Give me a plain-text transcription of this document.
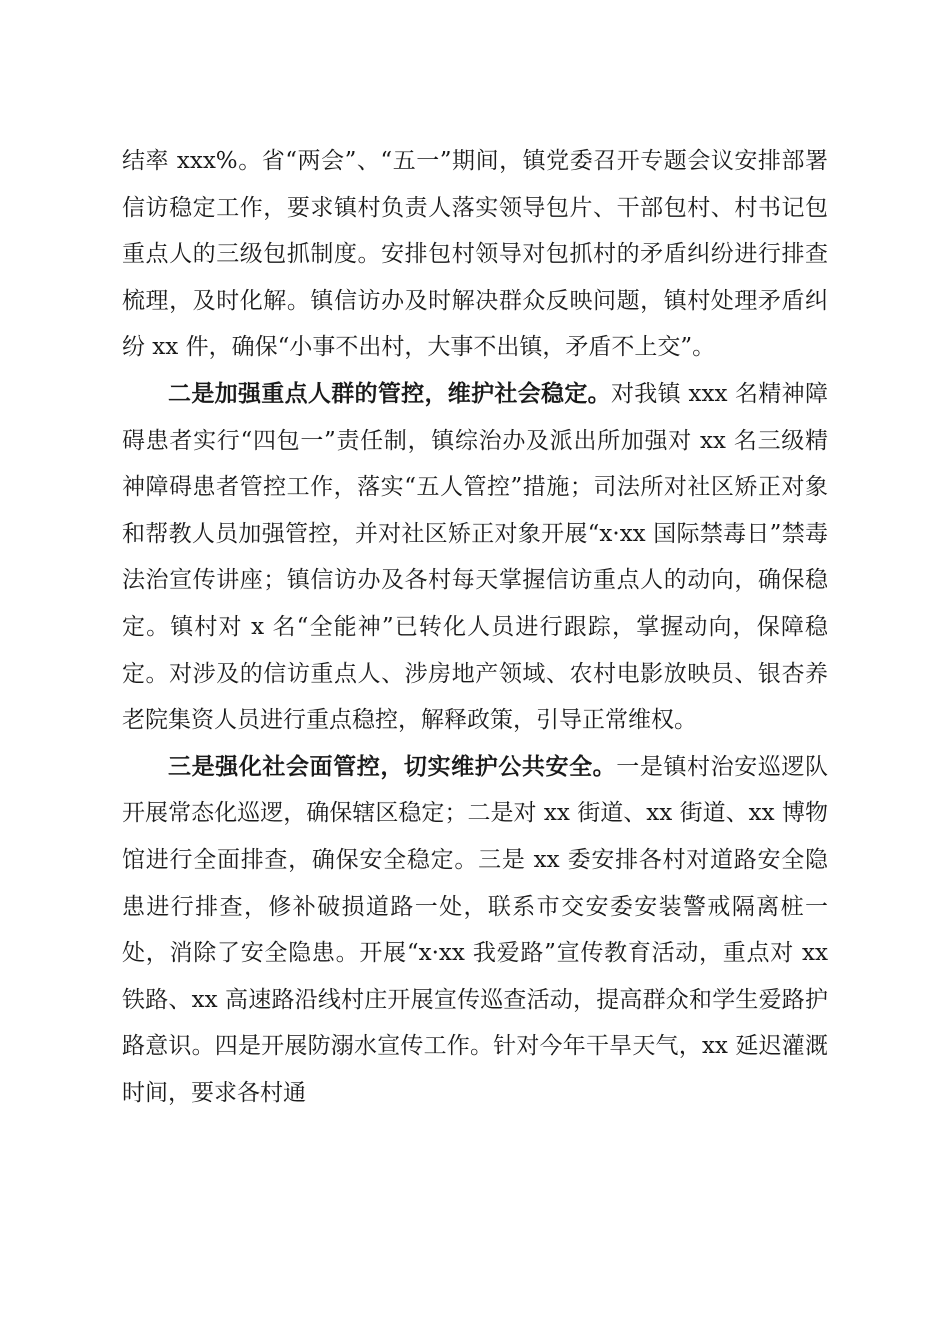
结率 xxx%。省“两会”、“五一”期间，镇党委召开专题会议安排部署信访稳定工作，要求镇村负责人落实领导包片、干部包村、村书记包重点人的三级包抓制度。安排包村领导对包抓村的矛盾纠纷进行排查梳理，及时化解。镇信访办及时解决群众反映问题，镇村处理矛盾纠纷 xx 件，确保“小事不出村，大事不出镇，矛盾不上交”。

二是加强重点人群的管控，维护社会稳定。对我镇 xxx 名精神障碍患者实行“四包一”责任制，镇综治办及派出所加强对 xx 名三级精神障碍患者管控工作，落实“五人管控”措施；司法所对社区矫正对象和帮教人员加强管控，并对社区矫正对象开展“x·xx 国际禁毒日”禁毒法治宣传讲座；镇信访办及各村每天掌握信访重点人的动向，确保稳定。镇村对 x 名“全能神”已转化人员进行跟踪，掌握动向，保障稳定。对涉及的信访重点人、涉房地产领域、农村电影放映员、银杏养老院集资人员进行重点稳控，解释政策，引导正常维权。

三是强化社会面管控，切实维护公共安全。一是镇村治安巡逻队开展常态化巡逻，确保辖区稳定；二是对 xx 街道、xx 街道、xx 博物馆进行全面排查，确保安全稳定。三是 xx 委安排各村对道路安全隐患进行排查，修补破损道路一处，联系市交安委安装警戒隔离桩一处，消除了安全隐患。开展“x·xx 我爱路”宣传教育活动，重点对 xx 铁路、xx 高速路沿线村庄开展宣传巡查活动，提高群众和学生爱路护路意识。四是开展防溺水宣传工作。针对今年干旱天气，xx 延迟灌溉时间，要求各村通
